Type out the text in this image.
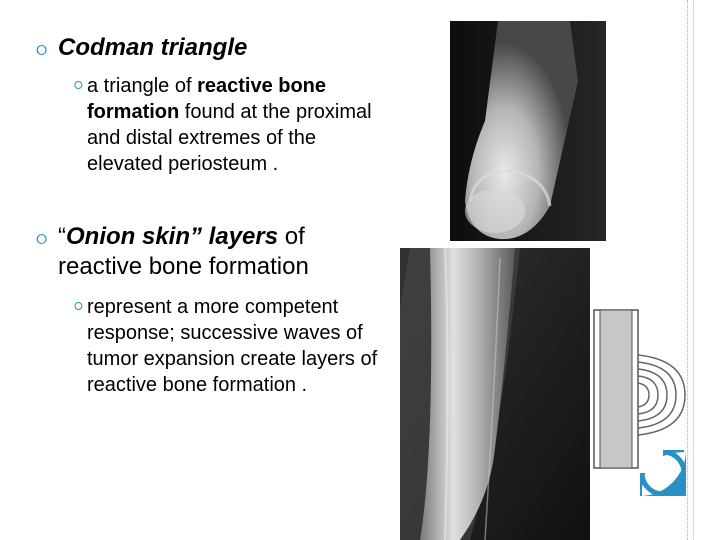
⭘ Codman triangle
⭘ a triangle of reactive bone formation found at the proximal and distal extremes of the elevated periosteum .
⭘ “Onion skin” layers of reactive bone formation
⭘ represent a more competent response; successive waves of tumor expansion create layers of reactive bone formation .
